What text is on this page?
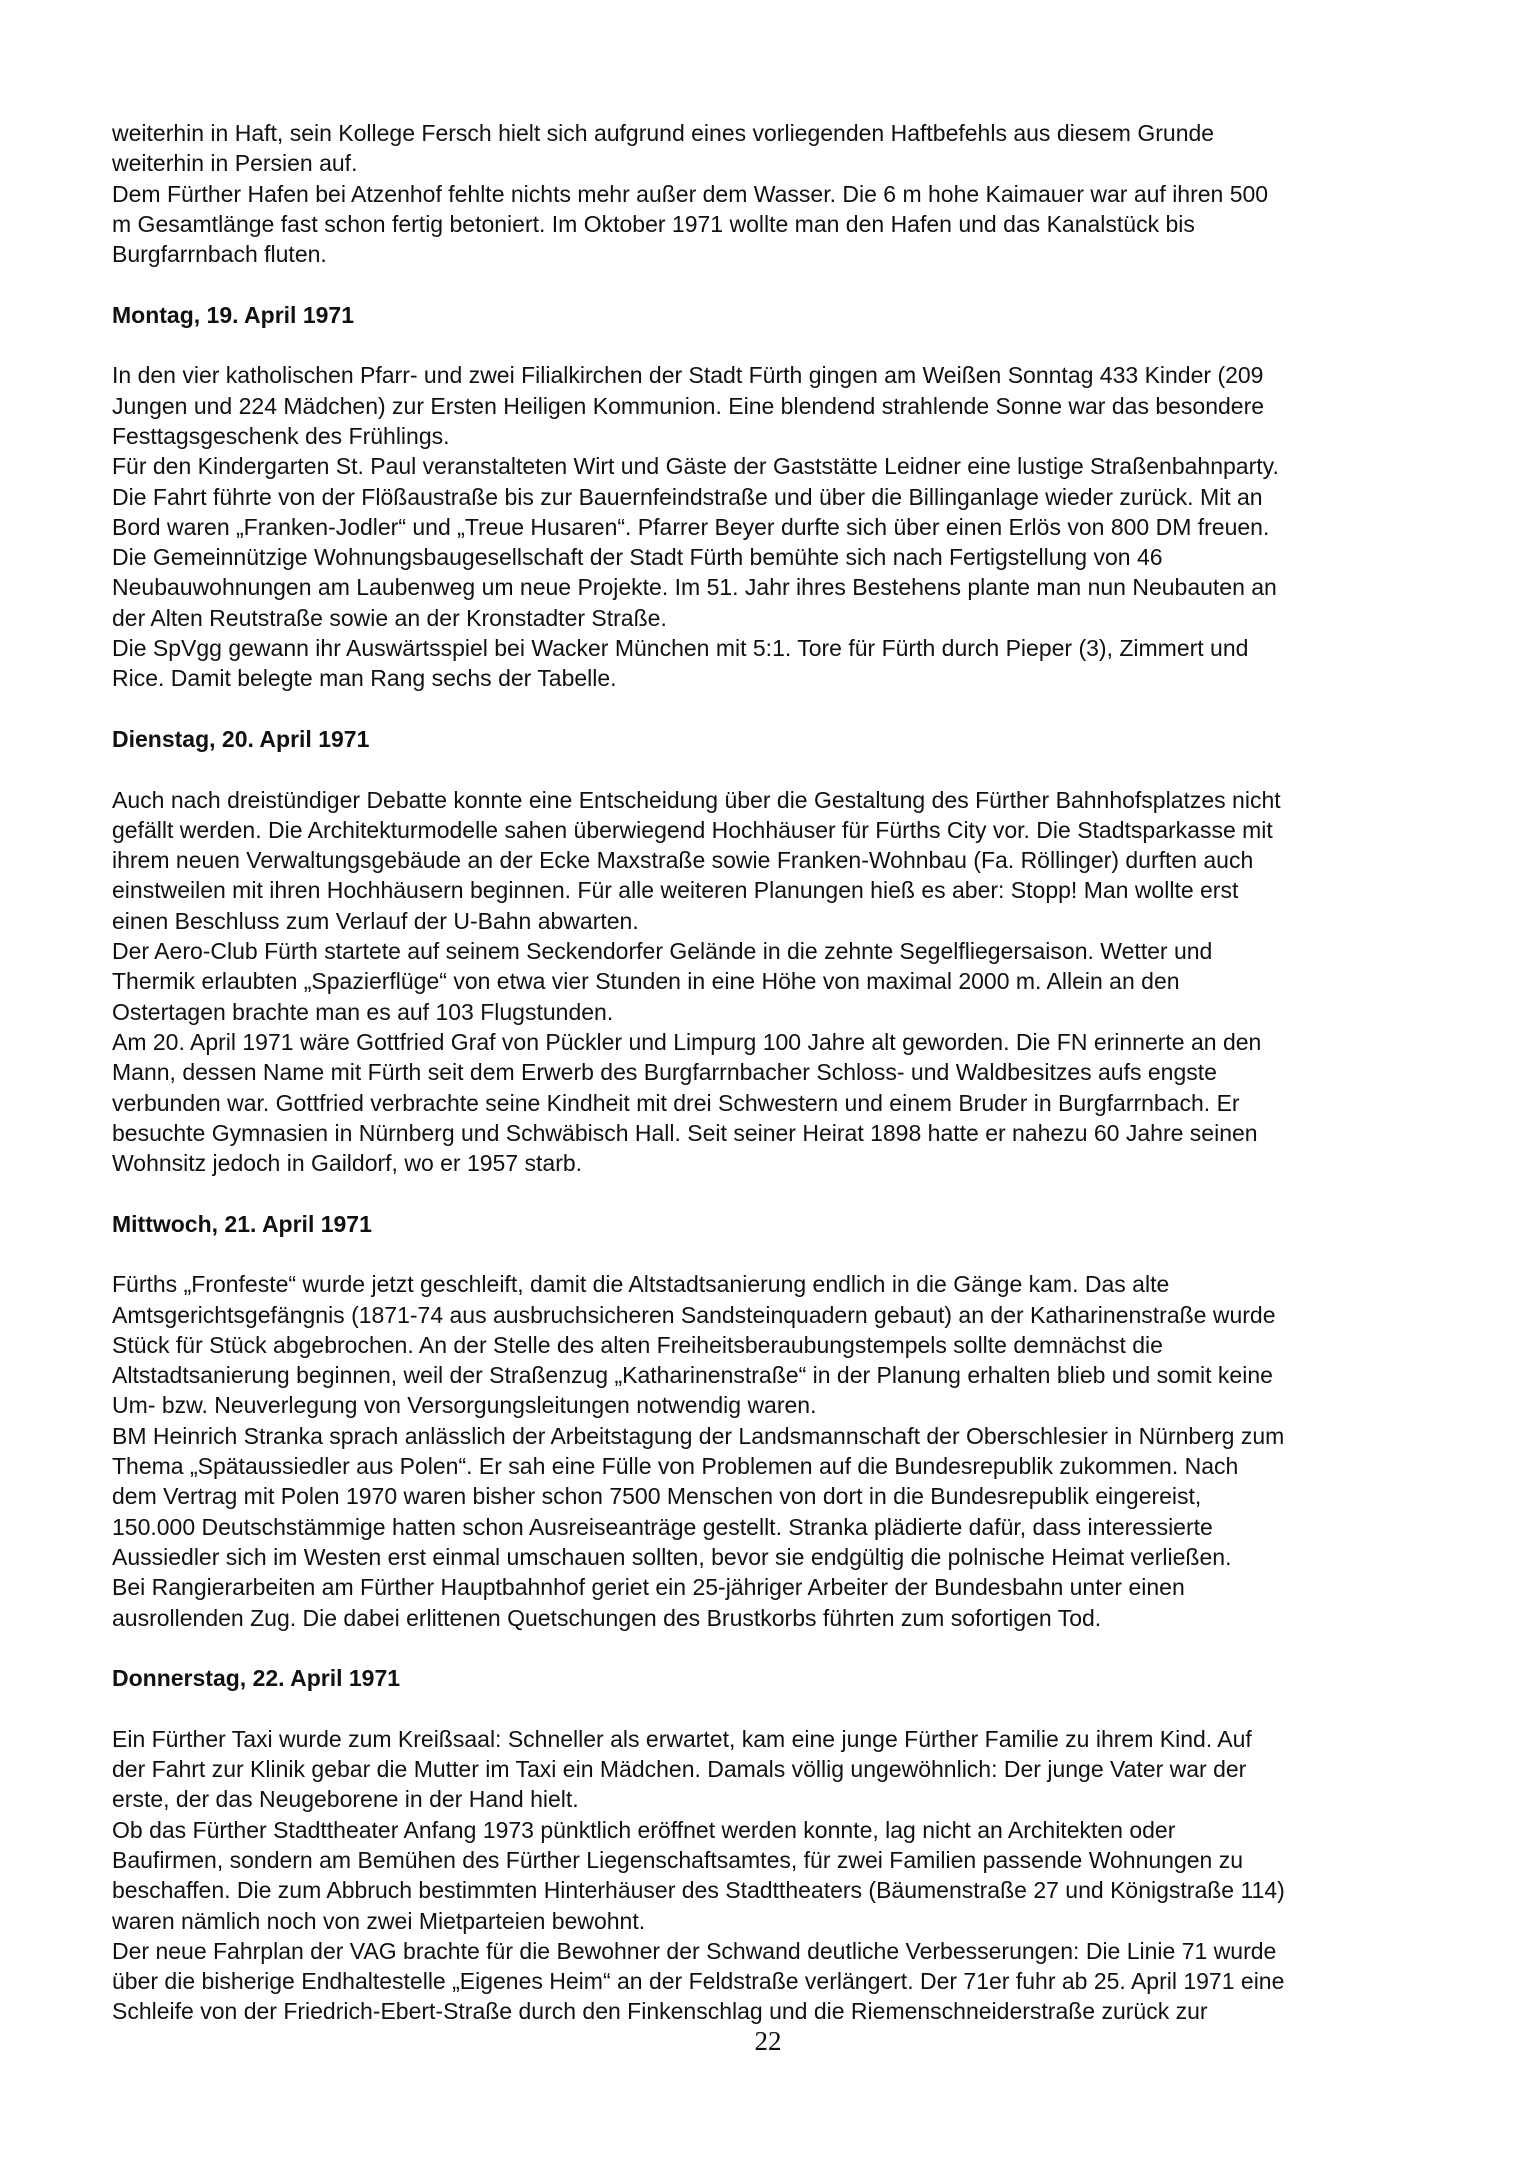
weiterhin in Haft, sein Kollege Fersch hielt sich aufgrund eines vorliegenden Haftbefehls aus diesem Grunde
weiterhin in Persien auf.
Dem Fürther Hafen bei Atzenhof fehlte nichts mehr außer dem Wasser. Die 6 m hohe Kaimauer war auf ihren 500
m Gesamtlänge fast schon fertig betoniert. Im Oktober 1971 wollte man den Hafen und das Kanalstück bis
Burgfarrnbach fluten.
Montag, 19. April 1971
In den vier katholischen Pfarr- und zwei Filialkirchen der Stadt Fürth gingen am Weißen Sonntag 433 Kinder (209
Jungen und 224 Mädchen) zur Ersten Heiligen Kommunion. Eine blendend strahlende Sonne war das besondere
Festtagsgeschenk des Frühlings.
Für den Kindergarten St. Paul veranstalteten Wirt und Gäste der Gaststätte Leidner eine lustige Straßenbahnparty.
Die Fahrt führte von der Flößaustraße bis zur Bauernfeindstraße und über die Billinganlage wieder zurück. Mit an
Bord waren „Franken-Jodler“ und „Treue Husaren“. Pfarrer Beyer durfte sich über einen Erlös von 800 DM freuen.
Die Gemeinnützige Wohnungsbaugesellschaft der Stadt Fürth bemühte sich nach Fertigstellung von 46
Neubauwohnungen am Laubenweg um neue Projekte. Im 51. Jahr ihres Bestehens plante man nun Neubauten an
der Alten Reutstraße sowie an der Kronstadter Straße.
Die SpVgg gewann ihr Auswärtsspiel bei Wacker München mit 5:1. Tore für Fürth durch Pieper (3), Zimmert und
Rice. Damit belegte man Rang sechs der Tabelle.
Dienstag, 20. April 1971
Auch nach dreistündiger Debatte konnte eine Entscheidung über die Gestaltung des Fürther Bahnhofsplatzes nicht
gefällt werden. Die Architekturmodelle sahen überwiegend Hochhäuser für Fürths City vor. Die Stadtsparkasse mit
ihrem neuen Verwaltungsgebäude an der Ecke Maxstraße sowie Franken-Wohnbau (Fa. Röllinger) durften auch
einstweilen mit ihren Hochhäusern beginnen. Für alle weiteren Planungen hieß es aber: Stopp! Man wollte erst
einen Beschluss zum Verlauf der U-Bahn abwarten.
Der Aero-Club Fürth startete auf seinem Seckendorfer Gelände in die zehnte Segelfliegersaison. Wetter und
Thermik erlaubten „Spazierflüge“ von etwa vier Stunden in eine Höhe von maximal 2000 m. Allein an den
Ostertagen brachte man es auf 103 Flugstunden.
Am 20. April 1971 wäre Gottfried Graf von Pückler und Limpurg 100 Jahre alt geworden. Die FN erinnerte an den
Mann, dessen Name mit Fürth seit dem Erwerb des Burgfarrnbacher Schloss- und Waldbesitzes aufs engste
verbunden war. Gottfried verbrachte seine Kindheit mit drei Schwestern und einem Bruder in Burgfarrnbach. Er
besuchte Gymnasien in Nürnberg und Schwäbisch Hall. Seit seiner Heirat 1898 hatte er nahezu 60 Jahre seinen
Wohnsitz jedoch in Gaildorf, wo er 1957 starb.
Mittwoch, 21. April 1971
Fürths „Fronfeste“ wurde jetzt geschleift, damit die Altstadtsanierung endlich in die Gänge kam. Das alte
Amtsgerichtsgefängnis (1871-74 aus ausbruchsicheren Sandsteinquadern gebaut) an der Katharinenstraße wurde
Stück für Stück abgebrochen. An der Stelle des alten Freiheitsberaubungstempels sollte demnächst die
Altstadtsanierung beginnen, weil der Straßenzug „Katharinenstraße“ in der Planung erhalten blieb und somit keine
Um- bzw. Neuverlegung von Versorgungsleitungen notwendig waren.
BM Heinrich Stranka sprach anlässlich der Arbeitstagung der Landsmannschaft der Oberschlesier in Nürnberg zum
Thema „Spätaussiedler aus Polen“. Er sah eine Fülle von Problemen auf die Bundesrepublik zukommen. Nach
dem Vertrag mit Polen 1970 waren bisher schon 7500 Menschen von dort in die Bundesrepublik eingereist,
150.000 Deutschstämmige hatten schon Ausreiseanträge gestellt. Stranka plädierte dafür, dass interessierte
Aussiedler sich im Westen erst einmal umschauen sollten, bevor sie endgültig die polnische Heimat verließen.
Bei Rangierarbeiten am Fürther Hauptbahnhof geriet ein 25-jähriger Arbeiter der Bundesbahn unter einen
ausrollenden Zug. Die dabei erlittenen Quetschungen des Brustkorbs führten zum sofortigen Tod.
Donnerstag, 22. April 1971
Ein Fürther Taxi wurde zum Kreißsaal: Schneller als erwartet, kam eine junge Fürther Familie zu ihrem Kind. Auf
der Fahrt zur Klinik gebar die Mutter im Taxi ein Mädchen. Damals völlig ungewöhnlich: Der junge Vater war der
erste, der das Neugeborene in der Hand hielt.
Ob das Fürther Stadttheater Anfang 1973 pünktlich eröffnet werden konnte, lag nicht an Architekten oder
Baufirmen, sondern am Bemühen des Fürther Liegenschaftsamtes, für zwei Familien passende Wohnungen zu
beschaffen. Die zum Abbruch bestimmten Hinterhäuser des Stadttheaters (Bäumenstraße 27 und Königstraße 114)
waren nämlich noch von zwei Mietparteien bewohnt.
Der neue Fahrplan der VAG brachte für die Bewohner der Schwand deutliche Verbesserungen: Die Linie 71 wurde
über die bisherige Endhaltestelle „Eigenes Heim“ an der Feldstraße verlängert. Der 71er fuhr ab 25. April 1971 eine
Schleife von der Friedrich-Ebert-Straße durch den Finkenschlag und die Riemenschneiderstraße zurück zur
22
